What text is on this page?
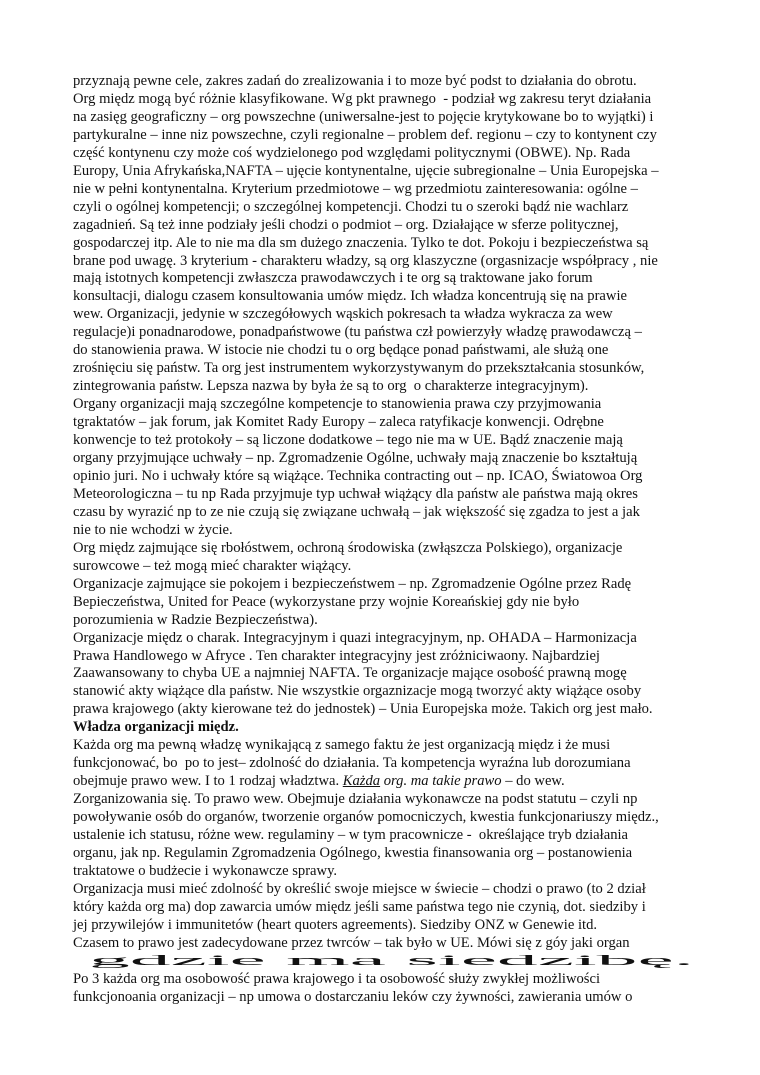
przyznają pewne cele, zakres zadań do zrealizowania i to moze być podst to działania do obrotu.
Org międz mogą być różnie klasyfikowane. Wg pkt prawnego  - podział wg zakresu teryt działania
na zasięg geograficzny – org powszechne (uniwersalne-jest to pojęcie krytykowane bo to wyjątki) i
partykuralne – inne niz powszechne, czyli regionalne – problem def. regionu – czy to kontynent czy
część kontynenu czy może coś wydzielonego pod względami politycznymi (OBWE). Np. Rada
Europy, Unia Afrykańska,NAFTA – ujęcie kontynentalne, ujęcie subregionalne – Unia Europejska –
nie w pełni kontynentalna. Kryterium przedmiotowe – wg przedmiotu zainteresowania: ogólne –
czyli o ogólnej kompetencji; o szczególnej kompetencji. Chodzi tu o szeroki bądź nie wachlarz
zagadnień. Są też inne podziały jeśli chodzi o podmiot – org. Działające w sferze politycznej,
gospodarczej itp. Ale to nie ma dla sm dużego znaczenia. Tylko te dot. Pokoju i bezpieczeństwa są
brane pod uwagę. 3 kryterium - charakteru władzy, są org klaszyczne (orgasnizacje współpracy , nie
mają istotnych kompetencji zwłaszcza prawodawczych i te org są traktowane jako forum
konsultacji, dialogu czasem konsultowania umów międz. Ich władza koncentrują się na prawie
wew. Organizacji, jedynie w szczegółowych wąskich pokresach ta władza wykracza za wew
regulacje)i ponadnarodowe, ponadpaństwowe (tu państwa czł powierzyły władzę prawodawczą –
do stanowienia prawa. W istocie nie chodzi tu o org będące ponad państwami, ale służą one
zrośnięciu się państw. Ta org jest instrumentem wykorzystywanym do przekształcania stosunków,
zintegrowania państw. Lepsza nazwa by była że są to org  o charakterze integracyjnym).
Organy organizacji mają szczególne kompetencje to stanowienia prawa czy przyjmowania
tgraktatów – jak forum, jak Komitet Rady Europy – zaleca ratyfikacje konwencji. Odrębne
konwencje to też protokoły – są liczone dodatkowe – tego nie ma w UE. Bądź znaczenie mają
organy przyjmujące uchwały – np. Zgromadzenie Ogólne, uchwały mają znaczenie bo kształtują
opinio juri. No i uchwały które są wiążące. Technika contracting out – np. ICAO, Światowoa Org
Meteorologiczna – tu np Rada przyjmuje typ uchwał wiążący dla państw ale państwa mają okres
czasu by wyrazić np to ze nie czują się związane uchwałą – jak większość się zgadza to jest a jak
nie to nie wchodzi w życie.
Org międz zajmujące się rbołóstwem, ochroną środowiska (zwłąszcza Polskiego), organizacje
surowcowe – też mogą mieć charakter wiążący.
Organizacje zajmujące sie pokojem i bezpieczeństwem – np. Zgromadzenie Ogólne przez Radę
Bepieczeństwa, United for Peace (wykorzystane przy wojnie Koreańskiej gdy nie było
porozumienia w Radzie Bezpieczeństwa).
Organizacje międz o charak. Integracyjnym i quazi integracyjnym, np. OHADA – Harmonizacja
Prawa Handlowego w Afryce . Ten charakter integracyjny jest zróżniciwaony. Najbardziej
Zaawansowany to chyba UE a najmniej NAFTA. Te organizacje mające osobość prawną mogę
stanowić akty wiążące dla państw. Nie wszystkie orgaznizacje mogą tworzyć akty wiążące osoby
prawa krajowego (akty kierowane też do jednostek) – Unia Europejska może. Takich org jest mało.
Władza organizacji międz.
Każda org ma pewną władzę wynikającą z samego faktu że jest organizacją międz i że musi
funkcjonować, bo  po to jest– zdolność do działania. Ta kompetencja wyraźna lub dorozumiana
obejmuje prawo wew. I to 1 rodzaj władztwa. Każda org. ma takie prawo – do wew.
Zorganizowania się. To prawo wew. Obejmuje działania wykonawcze na podst statutu – czyli np
powoływanie osób do organów, tworzenie organów pomocniczych, kwestia funkcjonariuszy międz.,
ustalenie ich statusu, różne wew. regulaminy – w tym pracownicze -  określające tryb działania
organu, jak np. Regulamin Zgromadzenia Ogólnego, kwestia finansowania org – postanowienia
traktatowe o budżecie i wykonawcze sprawy.
Organizacja musi mieć zdolność by określić swoje miejsce w świecie – chodzi o prawo (to 2 dział
który każda org ma) dop zawarcia umów międz jeśli same państwa tego nie czynią, dot. siedziby i
jej przywilejów i immunitetów (heart quoters agreements). Siedziby ONZ w Genewie itd.
Czasem to prawo jest zadecydowane przez twrców – tak było w UE. Mówi się z góy jaki organ
gdzie ma siedzibę.
Po 3 każda org ma osobowość prawa krajowego i ta osobowość służy zwykłej możliwości
funkcjonoania organizacji – np umowa o dostarczaniu leków czy żywności, zawierania umów o
